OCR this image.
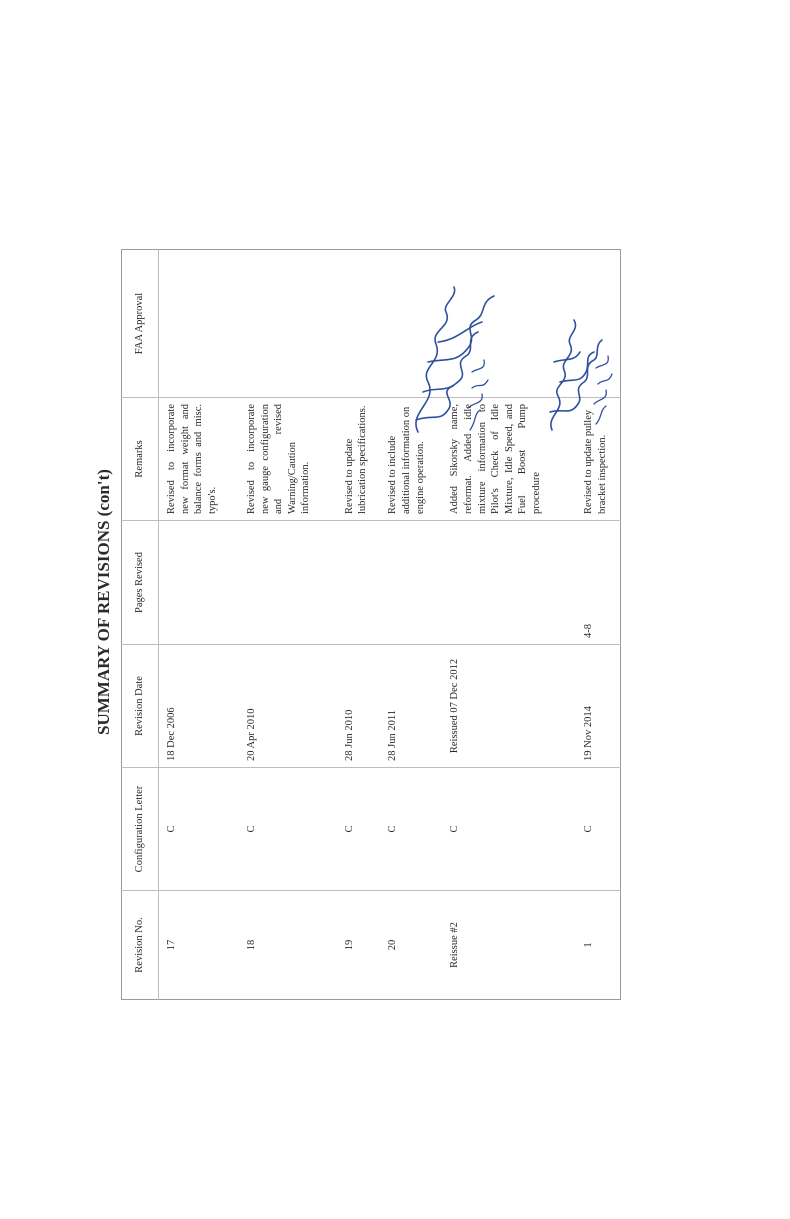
SUMMARY OF REVISIONS (con't)
Revision No.	Configuration Letter	Revision Date	Pages Revised	Remarks	FAA Approval
17	C	18 Dec 2006		Revised to incorporate new format weight and balance forms and misc. typo's.	
18	C	20 Apr 2010		Revised to incorporate new gauge configuration and revised Warning/Caution information.	
19	C	28 Jun 2010		Revised to update lubrication specifications.	
20	C	28 Jun 2011		Revised to include additional information on engine operation.	
Reissue #2	C	Reissued 07 Dec 2012		Added Sikorsky name, reformat. Added idle mixture information to Pilot's Check of Idle Mixture, Idle Speed, and Fuel Boost Pump procedure	
1	C	19 Nov 2014	4-8	Revised to update pulley bracket inspection.	
